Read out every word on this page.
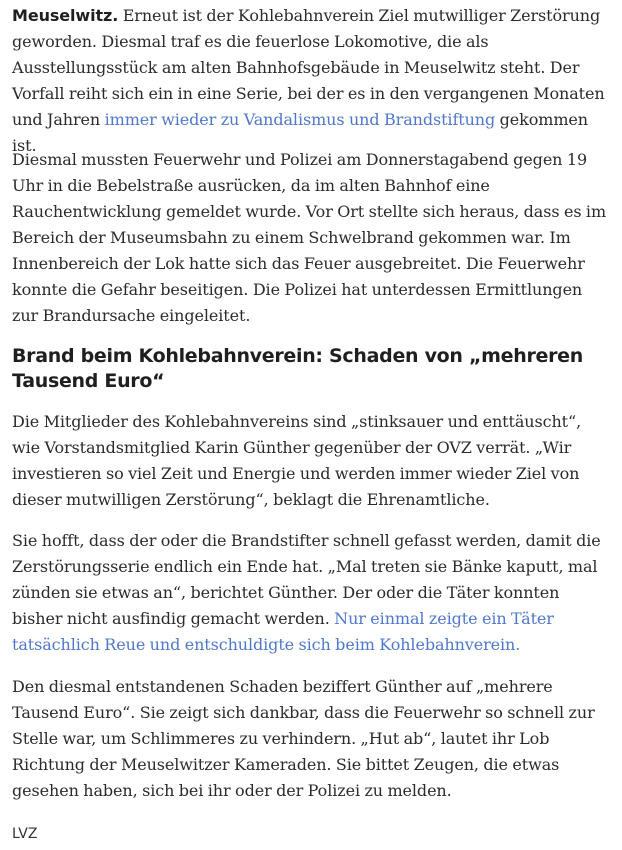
Meuselwitz. Erneut ist der Kohlebahnverein Ziel mutwilliger Zerstörung geworden. Diesmal traf es die feuerlose Lokomotive, die als Ausstellungsstück am alten Bahnhofsgebäude in Meuselwitz steht. Der Vorfall reiht sich ein in eine Serie, bei der es in den vergangenen Monaten und Jahren immer wieder zu Vandalismus und Brandstiftung gekommen ist.

Diesmal mussten Feuerwehr und Polizei am Donnerstagabend gegen 19 Uhr in die Bebelstraße ausrücken, da im alten Bahnhof eine Rauchentwicklung gemeldet wurde. Vor Ort stellte sich heraus, dass es im Bereich der Museumsbahn zu einem Schwelbrand gekommen war. Im Innenbereich der Lok hatte sich das Feuer ausgebreitet. Die Feuerwehr konnte die Gefahr beseitigen. Die Polizei hat unterdessen Ermittlungen zur Brandursache eingeleitet.

Brand beim Kohlebahnverein: Schaden von „mehreren Tausend Euro“

Die Mitglieder des Kohlebahnvereins sind „stinksauer und enttäuscht“, wie Vorstandsmitglied Karin Günther gegenüber der OVZ verrät. „Wir investieren so viel Zeit und Energie und werden immer wieder Ziel von dieser mutwilligen Zerstörung“, beklagt die Ehrenamtliche.

Sie hofft, dass der oder die Brandstifter schnell gefasst werden, damit die Zerstörungsserie endlich ein Ende hat. „Mal treten sie Bänke kaputt, mal zünden sie etwas an“, berichtet Günther. Der oder die Täter konnten bisher nicht ausfindig gemacht werden. Nur einmal zeigte ein Täter tatsächlich Reue und entschuldigte sich beim Kohlebahnverein.

Den diesmal entstandenen Schaden beziffert Günther auf „mehrere Tausend Euro“. Sie zeigt sich dankbar, dass die Feuerwehr so schnell zur Stelle war, um Schlimmeres zu verhindern. „Hut ab“, lautet ihr Lob Richtung der Meuselwitzer Kameraden. Sie bittet Zeugen, die etwas gesehen haben, sich bei ihr oder der Polizei zu melden.

LVZ
